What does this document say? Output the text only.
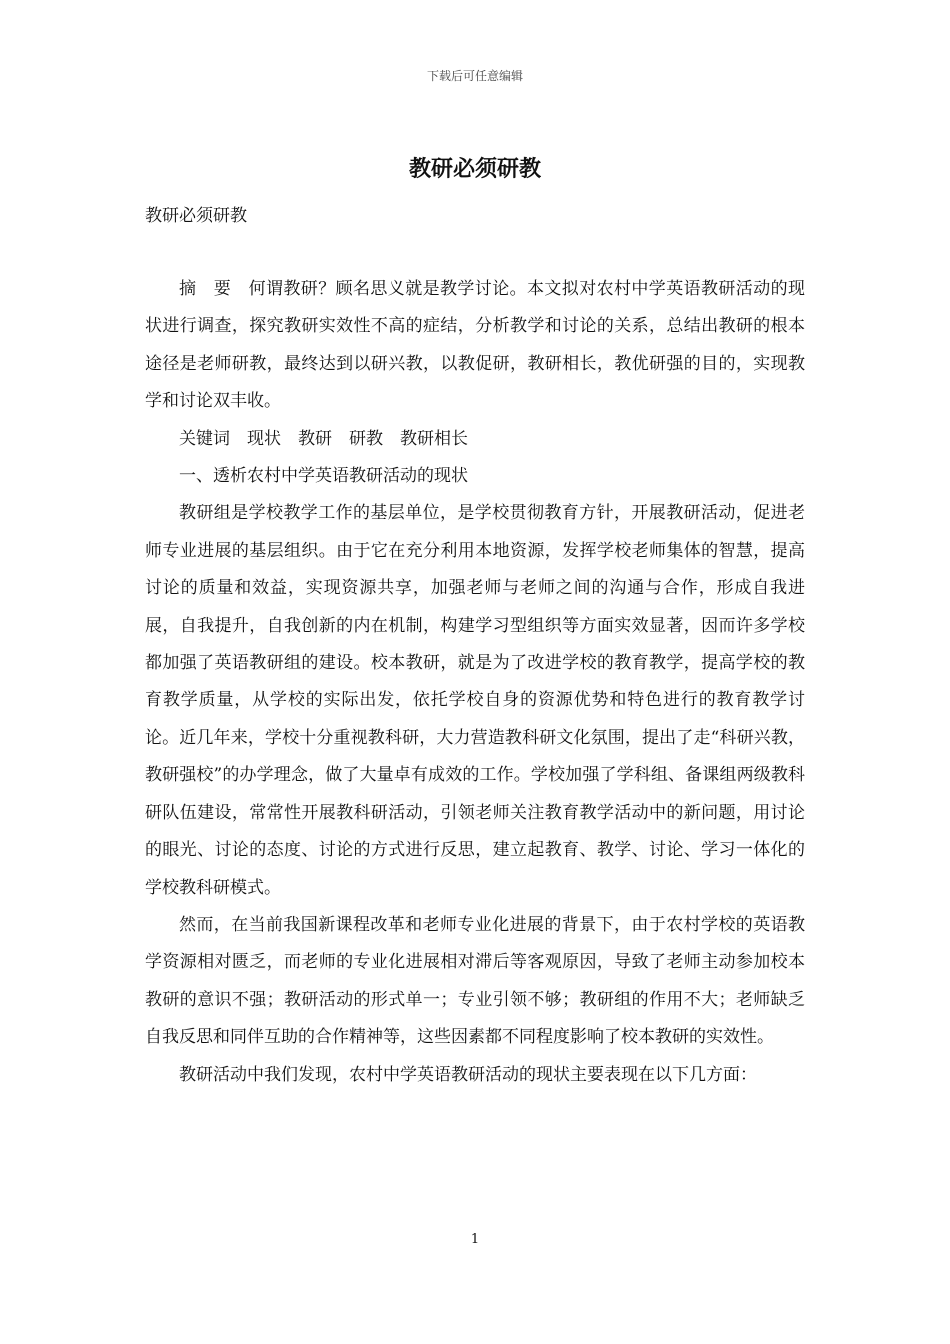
下载后可任意编辑
教研必须研教
教研必须研教

摘　要　何谓教研？顾名思义就是教学讨论。本文拟对农村中学英语教研活动的现状进行调查，探究教研实效性不高的症结，分析教学和讨论的关系，总结出教研的根本途径是老师研教，最终达到以研兴教，以教促研，教研相长，教优研强的目的，实现教学和讨论双丰收。

关键词　现状　教研　研教　教研相长

一、透析农村中学英语教研活动的现状

教研组是学校教学工作的基层单位，是学校贯彻教育方针，开展教研活动，促进老师专业进展的基层组织。由于它在充分利用本地资源，发挥学校老师集体的智慧，提高讨论的质量和效益，实现资源共享，加强老师与老师之间的沟通与合作，形成自我进展，自我提升，自我创新的内在机制，构建学习型组织等方面实效显著，因而许多学校都加强了英语教研组的建设。校本教研，就是为了改进学校的教育教学，提高学校的教育教学质量，从学校的实际出发，依托学校自身的资源优势和特色进行的教育教学讨论。近几年来，学校十分重视教科研，大力营造教科研文化氛围，提出了走“科研兴教，教研强校”的办学理念，做了大量卓有成效的工作。学校加强了学科组、备课组两级教科研队伍建设，常常性开展教科研活动，引领老师关注教育教学活动中的新问题，用讨论的眼光、讨论的态度、讨论的方式进行反思，建立起教育、教学、讨论、学习一体化的学校教科研模式。

然而，在当前我国新课程改革和老师专业化进展的背景下，由于农村学校的英语教学资源相对匮乏，而老师的专业化进展相对滞后等客观原因，导致了老师主动参加校本教研的意识不强；教研活动的形式单一；专业引领不够；教研组的作用不大；老师缺乏自我反思和同伴互助的合作精神等，这些因素都不同程度影响了校本教研的实效性。

教研活动中我们发现，农村中学英语教研活动的现状主要表现在以下几方面：

1
